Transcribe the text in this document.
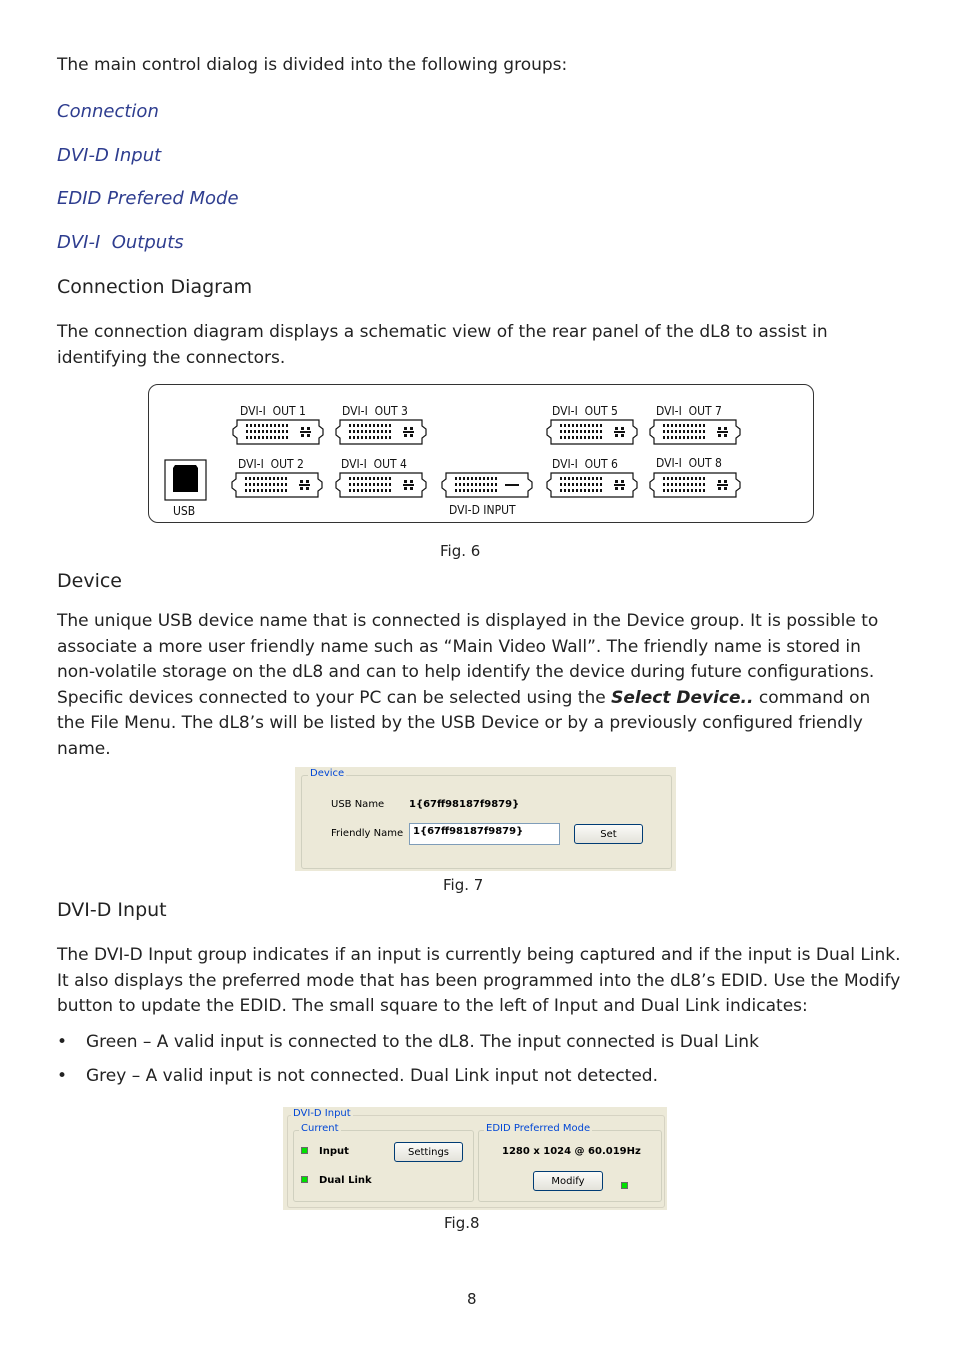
The main control dialog is divided into the following groups:
Connection
DVI-D Input
EDID Prefered Mode
DVI-I  Outputs
Connection Diagram
The connection diagram displays a schematic view of the rear panel of the dL8 to assist in identifying the connectors.
DVI-I  OUT 1
DVI-I  OUT 2
DVI-I  OUT 3
DVI-I  OUT 4
DVI-I  OUT 5
DVI-I  OUT 6
DVI-I  OUT 7
DVI-I  OUT 8
USB	DVI-D INPUT
Fig. 6
Device
The unique USB device name that is connected is displayed in the Device group. It is possible to associate a more user friendly name such as “Main Video Wall”. The friendly name is stored in non-volatile storage on the dL8 and can to help identify the device during future configurations. Specific devices connected to your PC can be selected using the Select Device.. command on the File Menu. The dL8’s will be listed by the USB Device or by a previously configured friendly name.
Device
USB Name 1{67ff98187f9879}
Friendly Name 1{67ff98187f9879}	Set
Fig. 7
DVI-D Input
The DVI-D Input group indicates if an input is currently being captured and if the input is Dual Link. It also displays the preferred mode that has been programmed into the dL8’s EDID. Use the Modify button to update the EDID. The small square to the left of Input and Dual Link indicates:
• Green – A valid input is connected to the dL8. The input connected is Dual Link
• Grey – A valid input is not connected. Dual Link input not detected.
DVI-D Input
Current
Input	Settings
Dual Link
EDID Preferred Mode
1280 x 1024 @ 60.019Hz
Modify
Fig.8
8
